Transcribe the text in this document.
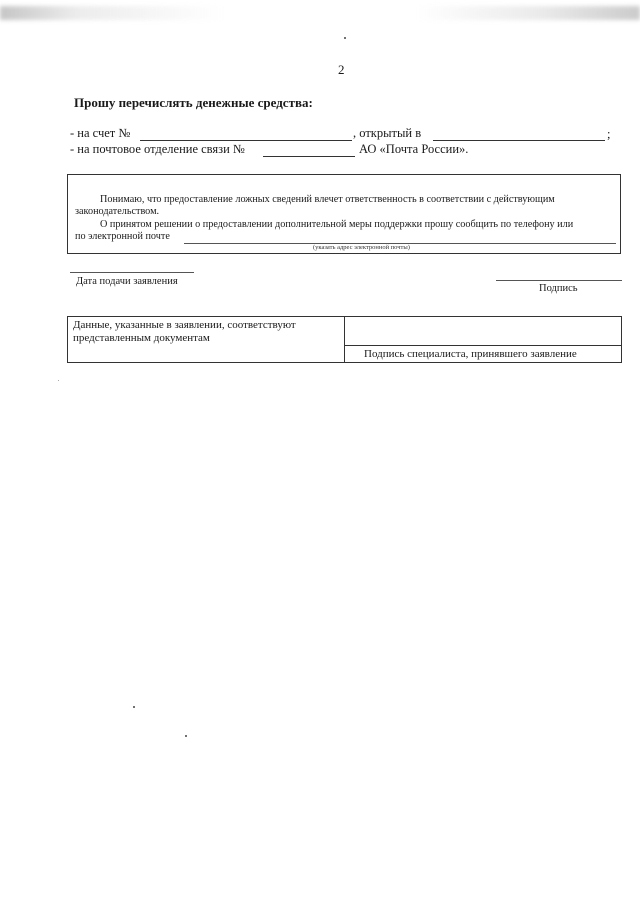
2
Прошу перечислять денежные средства:
- на счет №	, открытый в	;
- на почтовое отделение связи №	АО «Почта России».
Понимаю, что предоставление ложных сведений влечет ответственность в соответствии с действующим
законодательством.
О принятом решении о предоставлении дополнительной меры поддержки прошу сообщить по телефону или
по электронной почте
(указать адрес электронной почты)
Дата подачи заявления
Подпись
Данные, указанные в заявлении, соответствуют
представленным документам
Подпись специалиста, принявшего заявление
